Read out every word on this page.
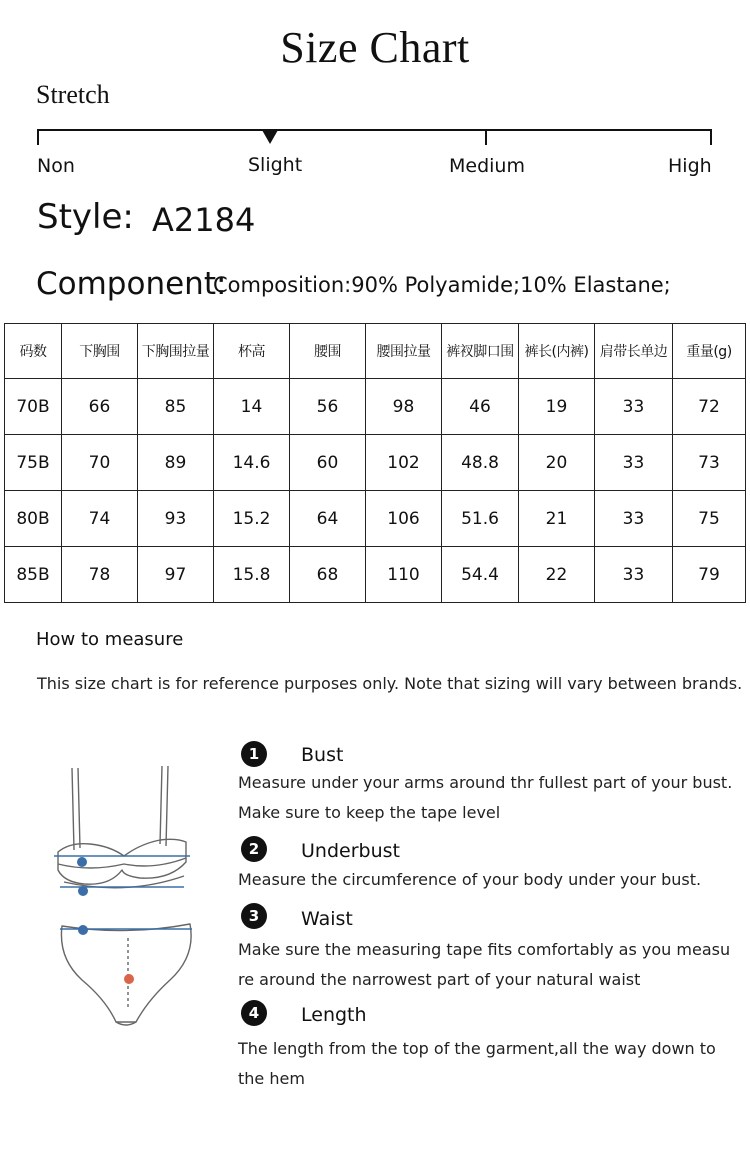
Size Chart
Stretch
Non	Slight	Medium	High
Style: A2184
Component:
Composition:90% Polyamide;10% Elastane;
码数	下胸围	下胸围拉量	杯高	腰围	腰围拉量	裤衩脚口围	裤长(内裤)	肩带长单边	重量(g)
70B	66	85	14	56	98	46	19	33	72
75B	70	89	14.6	60	102	48.8	20	33	73
80B	74	93	15.2	64	106	51.6	21	33	75
85B	78	97	15.8	68	110	54.4	22	33	79
How to measure
This size chart is for reference purposes only. Note that sizing will vary between brands.
1	Bust
Measure under your arms around thr fullest part of your bust.
Make sure to keep the tape level
2	Underbust
Measure the circumference of your body under your bust.
3	Waist
Make sure the measuring tape fits comfortably as you measu
re around the narrowest part of your natural waist
4	Length
The length from the top of the garment,all the way down to
the hem
